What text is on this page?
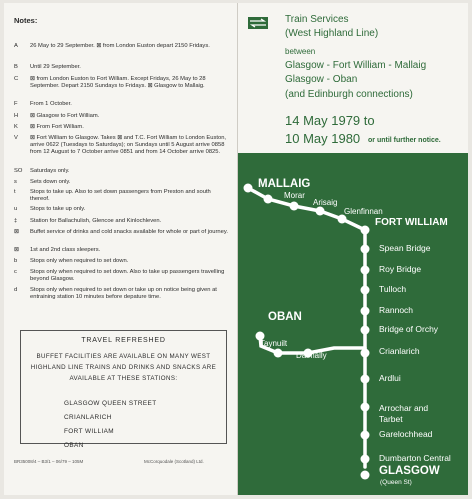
Notes:
A	26 May to 29 September. ⊠ from London Euston depart 2150 Fridays.
B	Until 29 September.
C	⊠ from London Euston to Fort William. Except Fridays, 26 May to 28 September. Depart 2150 Sundays to Fridays. ⊠ Glasgow to Mallaig.
F	From 1 October.
H	⊠ Glasgow to Fort William.
K	⊠ From Fort William.
V	⊠ Fort William to Glasgow. Takes ⊠ and T.C. Fort William to London Euston, arrive 0622 (Tuesdays to Saturdays); on Sundays until 5 August arrive 0858 from 12 August to 7 October arrive 0851 and from 14 October arrive 0825.
SO	Saturdays only.
s	Sets down only.
t	Stops to take up. Also to set down passengers from Preston and south thereof.
u	Stops to take up only.
‡	Station for Ballachulish, Glencoe and Kinlochleven.
⊠	Buffet service of drinks and cold snacks available for whole or part of journey.
⊠	1st and 2nd class sleepers.
b	Stops only when required to set down.
c	Stops only when required to set down. Also to take up passengers travelling beyond Glasgow.
d	Stops only when required to set down or take up on notice being given at entraining station 10 minutes before depature time.
TRAVEL REFRESHED
BUFFET FACILITIES ARE AVAILABLE ON MANY WEST HIGHLAND LINE TRAINS AND DRINKS AND SNACKS ARE AVAILABLE AT THESE STATIONS:
GLASGOW QUEEN STREET
CRIANLARICH
FORT WILLIAM
OBAN
BR35008/4 – B3/1 – 06/79 – 105M	McCorquodale (Scotland) Ltd.
Train Services
(West Highland Line)
between
Glasgow - Fort William - Mallaig
Glasgow - Oban
(and Edinburgh connections)
14 May 1979 to
10 May 1980 or until further notice.
MALLAIG
Morar
Arisaig
Glenfinnan
FORT WILLIAM
Spean Bridge
Roy Bridge
Tulloch
Rannoch
Bridge of Orchy
OBAN
Taynuilt
Dalmally	Crianlarich
Ardlui
Arrochar and
Tarbet
Garelochhead
Dumbarton Central
GLASGOW
(Queen St)
